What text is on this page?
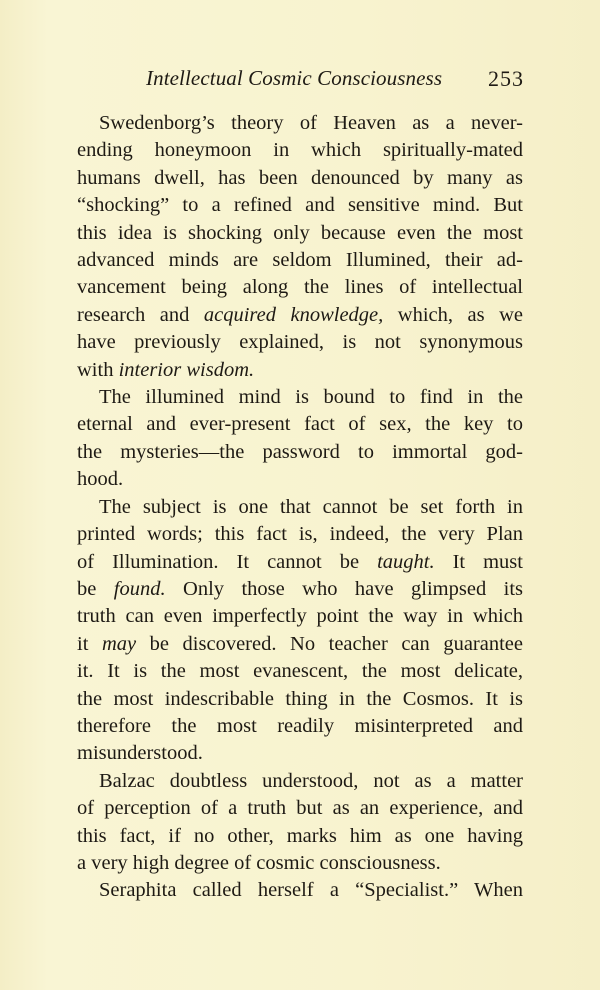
Intellectual Cosmic Consciousness 253

Swedenborg’s theory of Heaven as a never-
ending honeymoon in which spiritually-mated
humans dwell, has been denounced by many as
“shocking” to a refined and sensitive mind. But
this idea is shocking only because even the most
advanced minds are seldom Illumined, their ad-
vancement being along the lines of intellectual
research and acquired knowledge, which, as we
have previously explained, is not synonymous
with interior wisdom.

The illumined mind is bound to find in the
eternal and ever-present fact of sex, the key to
the mysteries—the password to immortal god-
hood.

The subject is one that cannot be set forth in
printed words; this fact is, indeed, the very Plan
of Illumination. It cannot be taught. It must
be found. Only those who have glimpsed its
truth can even imperfectly point the way in which
it may be discovered. No teacher can guarantee
it. It is the most evanescent, the most delicate,
the most indescribable thing in the Cosmos. It is
therefore the most readily misinterpreted and
misunderstood.

Balzac doubtless understood, not as a matter
of perception of a truth but as an experience, and
this fact, if no other, marks him as one having
a very high degree of cosmic consciousness.

Seraphita called herself a “Specialist.” When
